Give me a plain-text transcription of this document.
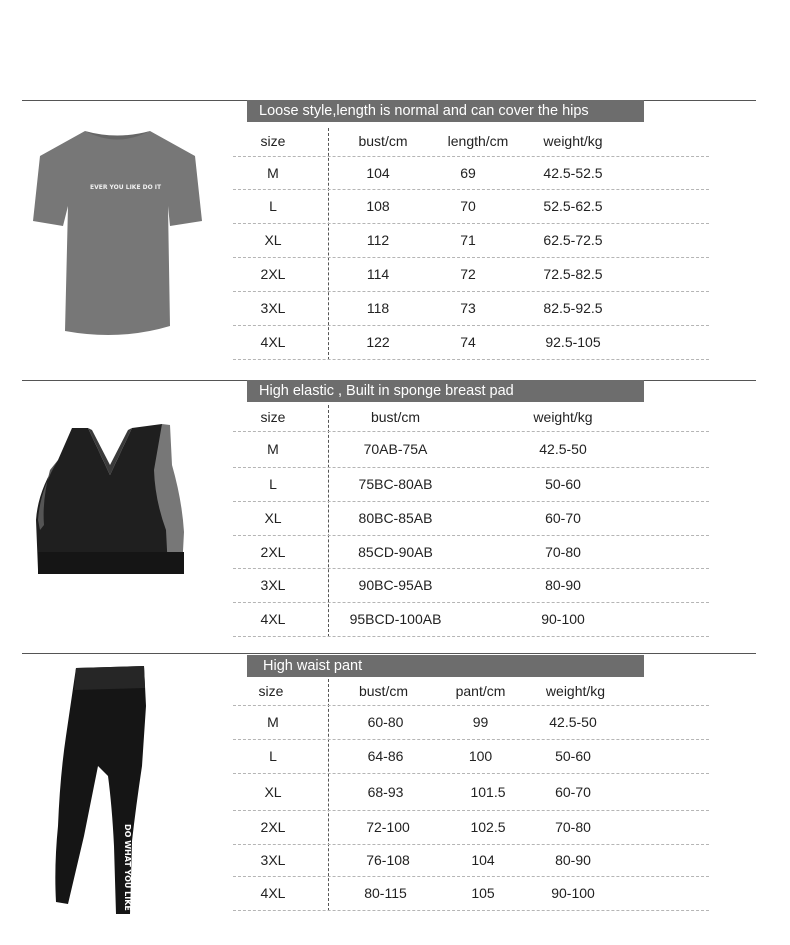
Loose style,length is normal and can cover the hips
EVER YOU LIKE DO IT
size	bust/cm	length/cm	weight/kg
M	104	69	42.5-52.5
L	108	70	52.5-62.5
XL	112	71	62.5-72.5
2XL	114	72	72.5-82.5
3XL	118	73	82.5-92.5
4XL	122	74	92.5-105
High elastic , Built in sponge breast pad
size	bust/cm	weight/kg
M	70AB-75A	42.5-50
L	75BC-80AB	50-60
XL	80BC-85AB	60-70
2XL	85CD-90AB	70-80
3XL	90BC-95AB	80-90
4XL	95BCD-100AB	90-100
High waist pant
DO WHAT YOU LIKE
size	bust/cm	pant/cm	weight/kg
M	60-80	99	42.5-50
L	64-86	100	50-60
XL	68-93	101.5	60-70
2XL	72-100	102.5	70-80
3XL	76-108	104	80-90
4XL	80-115	105	90-100
